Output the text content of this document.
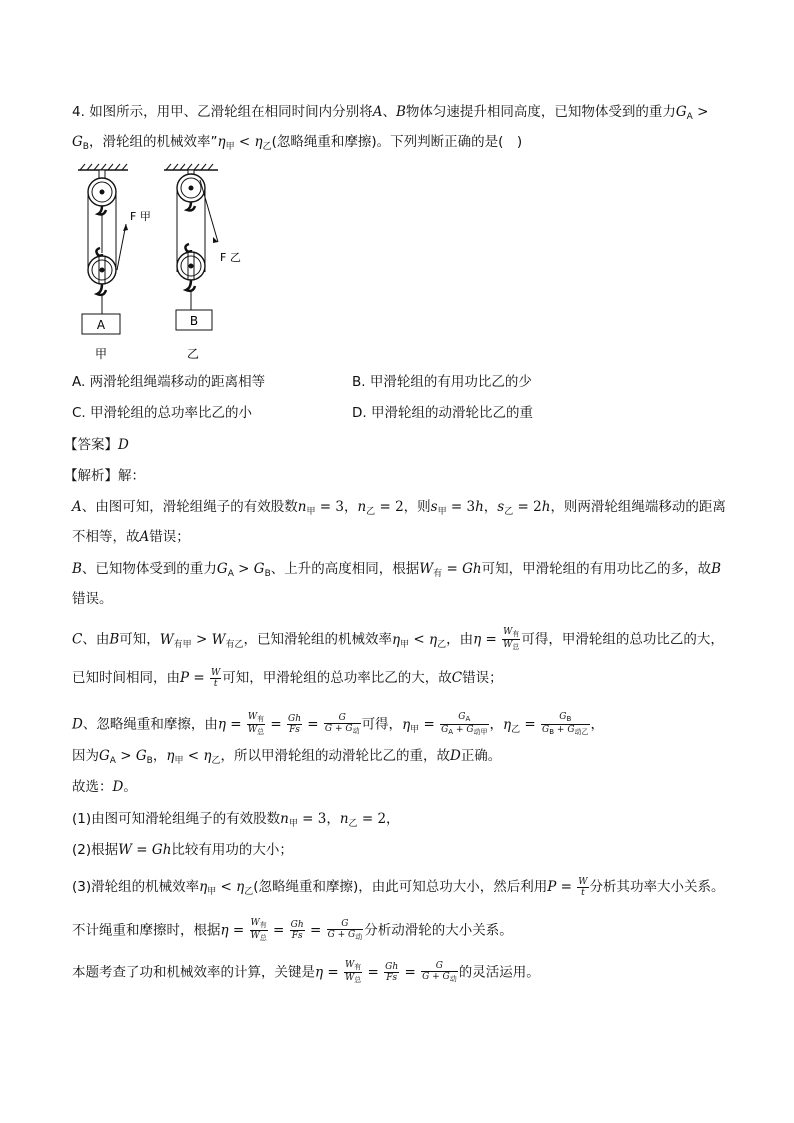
4. 如图所示，用甲、乙滑轮组在相同时间内分别将A、B物体匀速提升相同高度，已知物体受到的重力$G_A$ >
$G_B$，滑轮组的机械效率$”\eta_甲 < \eta_乙$(忽略绳重和摩擦)。下列判断正确的是(　)
A
F 甲
甲
B
F 乙
乙
A. 两滑轮组绳端移动的距离相等	B. 甲滑轮组的有用功比乙的少
C. 甲滑轮组的总功率比乙的小	D. 甲滑轮组的动滑轮比乙的重
【答案】D
【解析】解：
A、由图可知，滑轮组绳子的有效股数$n_甲 = 3$，$n_乙 = 2$，则$s_甲 = 3h$，$s_乙 = 2h$，则两滑轮组绳端移动的距离
不相等，故A错误；
B、已知物体受到的重力$G_A > G_B$、上升的高度相同，根据$W_有 = Gh$可知，甲滑轮组的有用功比乙的多，故B
错误。
C、由B可知，$W_{有甲} > W_{有乙}$，已知滑轮组的机械效率$\eta_甲 < \eta_乙$，由$\eta = \frac{W_有}{W_总}$ 可得，甲滑轮组的总功比乙的大，
已知时间相同，由$P = \frac{W}{t}$ 可知，甲滑轮组的总功率比乙的大，故C错误；
D、忽略绳重和摩擦，由$\eta = \frac{W_有}{W_总} = \frac{Gh}{Fs} = \frac{G}{G + G_动}$ 可得，$\eta_甲 = \frac{G_A}{G_A + G_{动甲}}$ ，$\eta_乙 = \frac{G_B}{G_B + G_{动乙}}$ ，
因为$G_A > G_B$，$\eta_甲 < \eta_乙$，所以甲滑轮组的动滑轮比乙的重，故D正确。
故选：D。
(1)由图可知滑轮组绳子的有效股数$n_甲 = 3$，$n_乙 = 2$，
(2)根据W = Gh比较有用功的大小；
(3)滑轮组的机械效率$\eta_甲 < \eta_乙$(忽略绳重和摩擦)，由此可知总功大小，然后利用$P = \frac{W}{t}$ 分析其功率大小关系。
不计绳重和摩擦时，根据$\eta = \frac{W_有}{W_总} = \frac{Gh}{Fs} = \frac{G}{G + G_动}$ 分析动滑轮的大小关系。
本题考查了功和机械效率的计算，关键是$\eta = \frac{W_有}{W_总} = \frac{Gh}{Fs} = \frac{G}{G + G_动}$ 的灵活运用。
